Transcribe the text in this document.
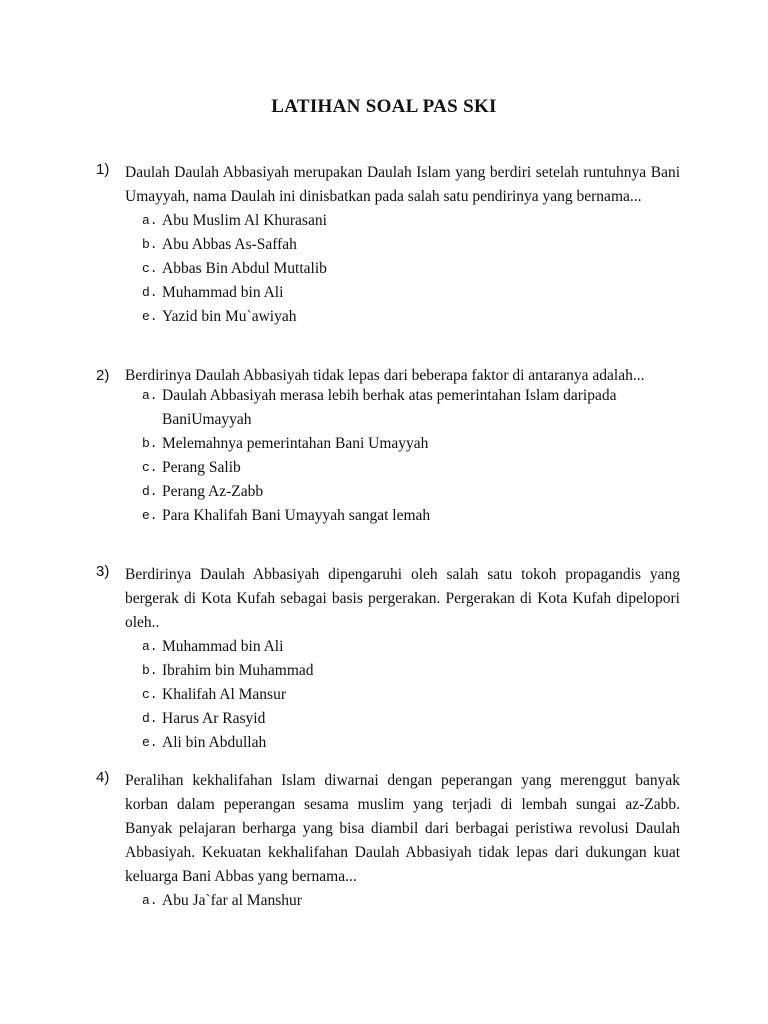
LATIHAN SOAL PAS SKI
1) Daulah Daulah Abbasiyah merupakan Daulah Islam yang berdiri setelah runtuhnya Bani Umayyah, nama Daulah ini dinisbatkan pada salah satu pendirinya yang bernama...
a. Abu Muslim Al Khurasani
b. Abu Abbas As-Saffah
c. Abbas Bin Abdul Muttalib
d. Muhammad bin Ali
e. Yazid bin Mu`awiyah
2) Berdirinya Daulah Abbasiyah tidak lepas dari beberapa faktor di antaranya adalah...
a. Daulah Abbasiyah merasa lebih berhak atas pemerintahan Islam daripada BaniUmayyah
b. Melemahnya pemerintahan Bani Umayyah
c. Perang Salib
d. Perang Az-Zabb
e. Para Khalifah Bani Umayyah sangat lemah
3) Berdirinya Daulah Abbasiyah dipengaruhi oleh salah satu tokoh propagandis yang bergerak di Kota Kufah sebagai basis pergerakan. Pergerakan di Kota Kufah dipelopori oleh..
a. Muhammad bin Ali
b. Ibrahim bin Muhammad
c. Khalifah Al Mansur
d. Harus Ar Rasyid
e. Ali bin Abdullah
4) Peralihan kekhalifahan Islam diwarnai dengan peperangan yang merenggut banyak korban dalam peperangan sesama muslim yang terjadi di lembah sungai az-Zabb. Banyak pelajaran berharga yang bisa diambil dari berbagai peristiwa revolusi Daulah Abbasiyah. Kekuatan kekhalifahan Daulah Abbasiyah tidak lepas dari dukungan kuat keluarga Bani Abbas yang bernama...
a. Abu Ja`far al Manshur
